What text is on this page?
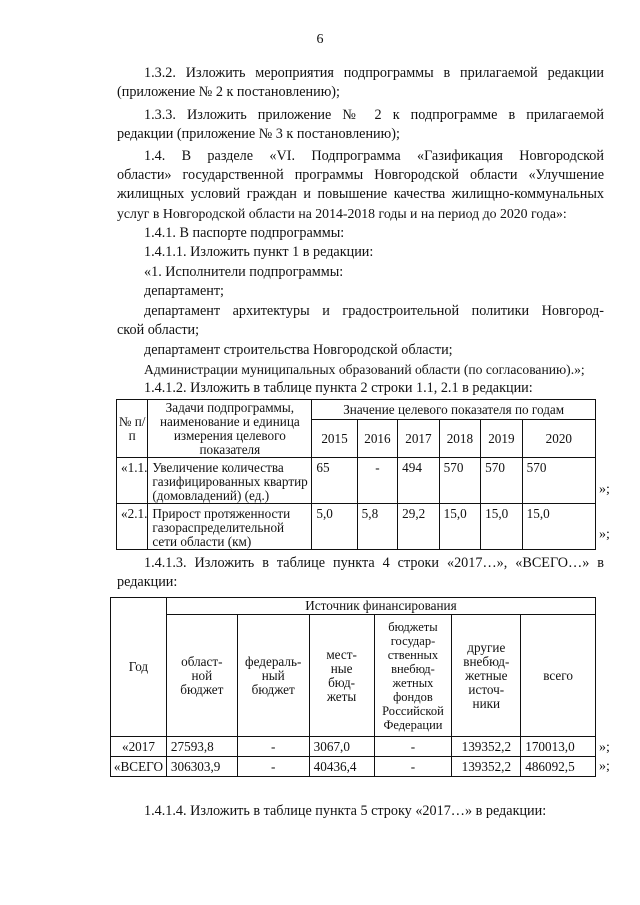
6
1.3.2. Изложить мероприятия подпрограммы в прилагаемой редакции
(приложение № 2 к постановлению);
1.3.3. Изложить приложение № 2 к подпрограмме в прилагаемой
редакции (приложение № 3 к постановлению);
1.4. В разделе «VI. Подпрограмма «Газификация Новгородской
области» государственной программы Новгородской области «Улучшение
жилищных условий граждан и повышение качества жилищно-коммунальных
услуг в Новгородской области на 2014-2018 годы и на период до 2020 года»:
1.4.1. В паспорте подпрограммы:
1.4.1.1. Изложить пункт 1 в редакции:
«1. Исполнители подпрограммы:
департамент;
департамент архитектуры и градостроительной политики Новгород-
ской области;
департамент строительства Новгородской области;
Администрации муниципальных образований области (по согласованию).»;
1.4.1.2. Изложить в таблице пункта 2 строки 1.1, 2.1 в редакции:
№ п/п	Задачи подпрограммы, наименование и единица измерения целевого показателя	Значение целевого показателя по годам					
		2015	2016	2017	2018	2019	2020
«1.1.	Увеличение количества газифицированных квартир (домовладений) (ед.)	65	-	494	570	570	570
«2.1.	Прирост протяженности газораспределительной сети области (км)	5,0	5,8	29,2	15,0	15,0	15,0
»;
»;
1.4.1.3. Изложить в таблице пункта 4 строки «2017…», «ВСЕГО…» в
редакции:
Год	Источник финансирования					
	област-ной бюджет	федераль-ный бюджет	мест-ные бюд-жеты	бюджеты государ-ственных внебюд-жетных фондов Российской Федерации	другие внебюд-жетные источ-ники	всего
«2017	27593,8	-	3067,0	-	139352,2	170013,0
«ВСЕГО	306303,9	-	40436,4	-	139352,2	486092,5
»;
»;
1.4.1.4. Изложить в таблице пункта 5 строку «2017…» в редакции:
